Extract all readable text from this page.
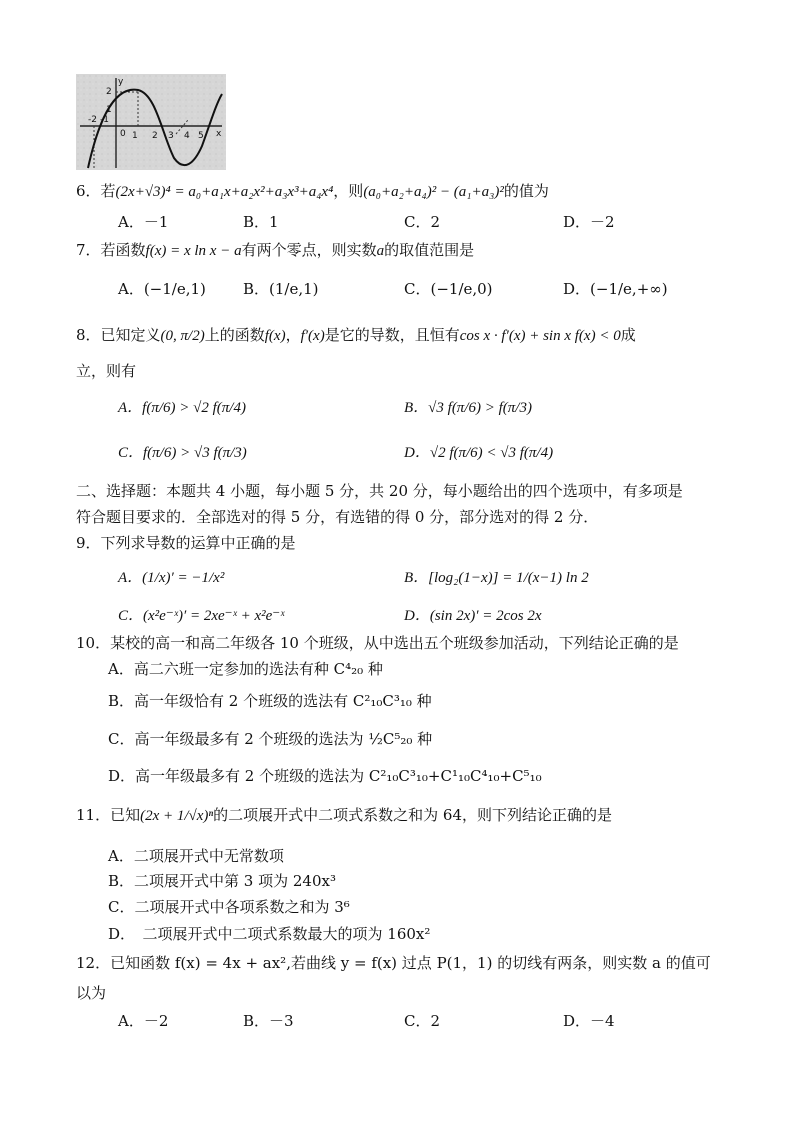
y
2
1
-2 -1
0 1 2 3 4 5 x
6．若(2x+√3)⁴ = a₀+a₁x+a₂x²+a₃x³+a₄x⁴，则(a₀+a₂+a₄)² − (a₁+a₃)²的值为
A．－1	B．1	C．2	D．－2
7．若函数f(x) = x ln x − a有两个零点，则实数a的取值范围是
A．(−1/e,1) B．(1/e,1)	C．(−1/e,0)	D．(−1/e,+∞)
8．已知定义(0, π/2)上的函数f(x)，f′(x)是它的导数，且恒有cos x · f′(x) + sin x f(x) < 0成
立，则有
A．f(π/6) > √2 f(π/4)	B．√3 f(π/6) > f(π/3)
C．f(π/6) > √3 f(π/3)	D．√2 f(π/6) < √3 f(π/4)
二、选择题：本题共 4 小题，每小题 5 分，共 20 分，每小题给出的四个选项中，有多项是
符合题目要求的．全部选对的得 5 分，有选错的得 0 分，部分选对的得 2 分．
9．下列求导数的运算中正确的是
A．(1/x)′ = −1/x²	B．[log₂(1−x)] = 1/(x−1) ln 2
C．(x²e⁻ˣ)′ = 2xe⁻ˣ + x²e⁻ˣ	D．(sin 2x)′ = 2cos 2x
10．某校的高一和高二年级各 10 个班级，从中选出五个班级参加活动，下列结论正确的是
A．高二六班一定参加的选法有种 C⁴₂₀ 种
B．高一年级恰有 2 个班级的选法有 C²₁₀C³₁₀ 种
C．高一年级最多有 2 个班级的选法为 ½C⁵₂₀ 种
D．高一年级最多有 2 个班级的选法为 C²₁₀C³₁₀+C¹₁₀C⁴₁₀+C⁵₁₀
11．已知(2x + 1/√x)ⁿ的二项展开式中二项式系数之和为 64，则下列结论正确的是
A．二项展开式中无常数项
B．二项展开式中第 3 项为 240x³
C．二项展开式中各项系数之和为 3⁶
D．　二项展开式中二项式系数最大的项为 160x²
12．已知函数 f(x) = 4x + ax²,若曲线 y = f(x) 过点 P(1，1) 的切线有两条，则实数 a 的值可
以为
A．－2	B．－3	C．2	D．－4
